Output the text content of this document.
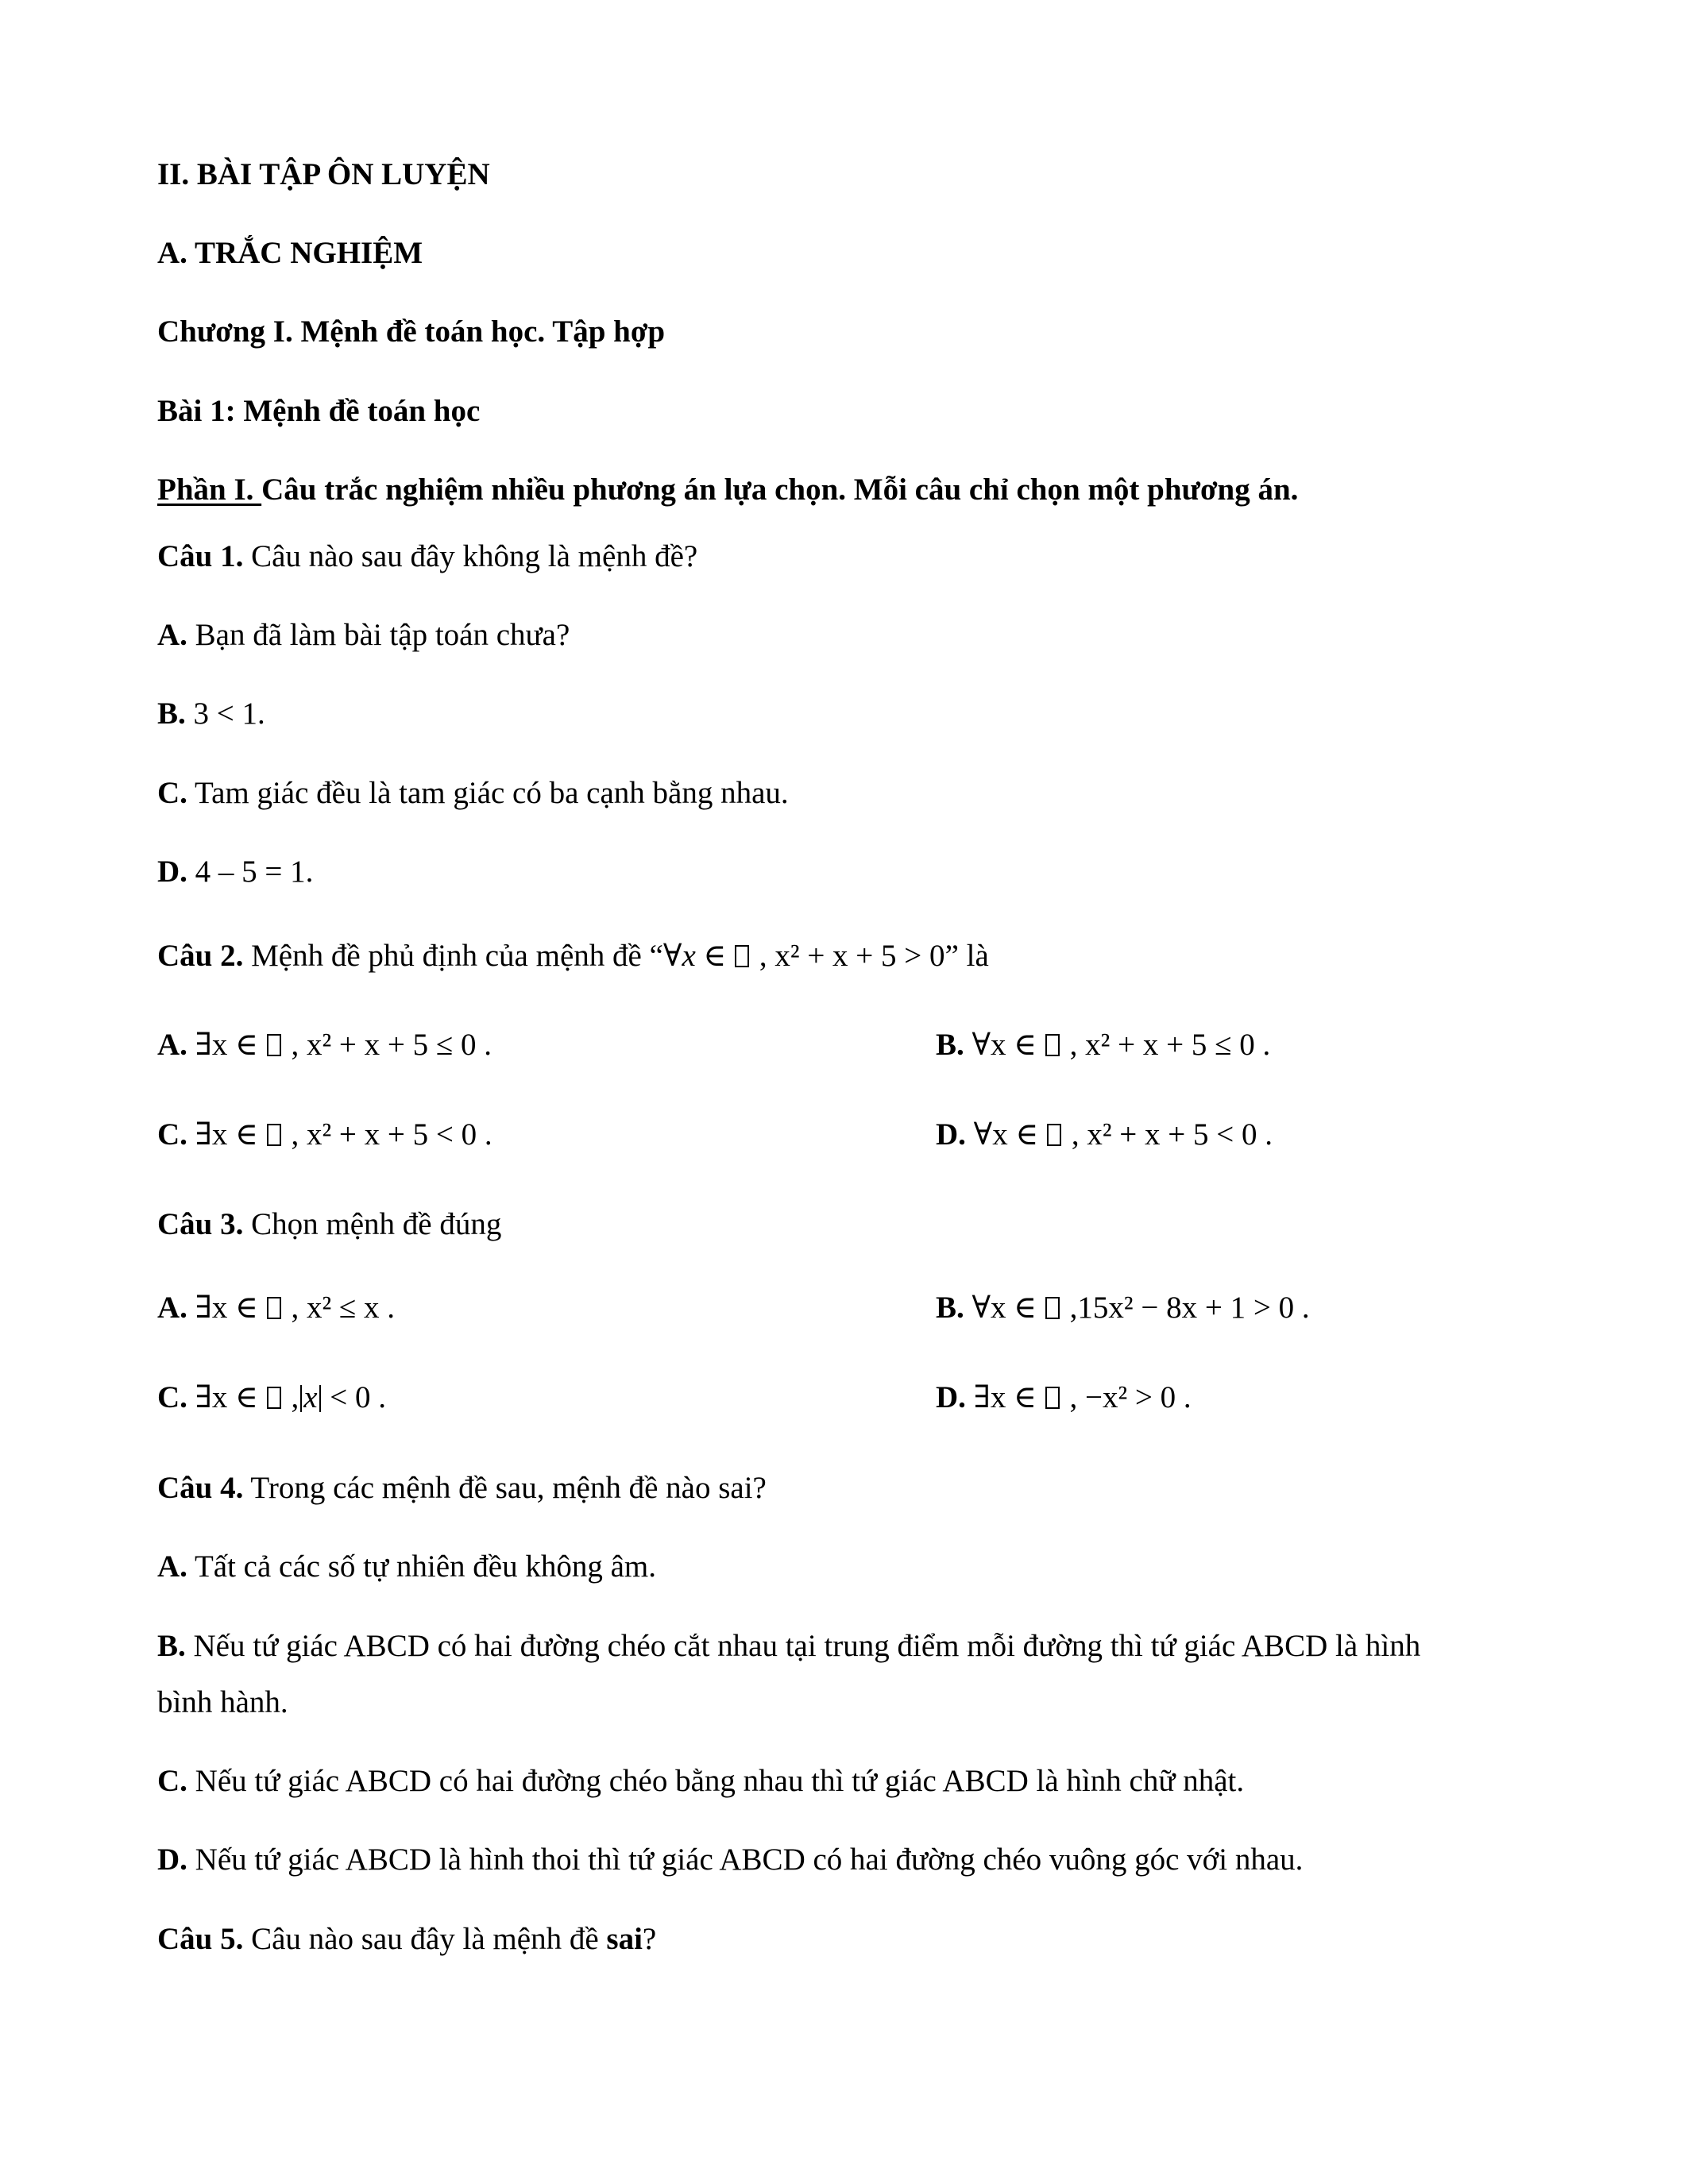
II. BÀI TẬP ÔN LUYỆN
A. TRẮC NGHIỆM
Chương I. Mệnh đề toán học. Tập hợp
Bài 1: Mệnh đề toán học
Phần I. Câu trắc nghiệm nhiều phương án lựa chọn. Mỗi câu chỉ chọn một phương án.
Câu 1. Câu nào sau đây không là mệnh đề?
A. Bạn đã làm bài tập toán chưa?
B. 3 < 1.
C. Tam giác đều là tam giác có ba cạnh bằng nhau.
D. 4 – 5 = 1.
Câu 2. Mệnh đề phủ định của mệnh đề “∀x ∈  , x² + x + 5 > 0” là
A. ∃x ∈  , x² + x + 5 ≤ 0 .	B. ∀x ∈  , x² + x + 5 ≤ 0 .
C. ∃x ∈  , x² + x + 5 < 0 .	D. ∀x ∈  , x² + x + 5 < 0 .
Câu 3. Chọn mệnh đề đúng
A. ∃x ∈  , x² ≤ x .	B. ∀x ∈  ,15x² − 8x + 1 > 0 .
C. ∃x ∈  , x < 0 .	D. ∃x ∈  , −x² > 0 .
Câu 4. Trong các mệnh đề sau, mệnh đề nào sai?
A. Tất cả các số tự nhiên đều không âm.
B. Nếu tứ giác ABCD có hai đường chéo cắt nhau tại trung điểm mỗi đường thì tứ giác ABCD là hình
bình hành.
C. Nếu tứ giác ABCD có hai đường chéo bằng nhau thì tứ giác ABCD là hình chữ nhật.
D. Nếu tứ giác ABCD là hình thoi thì tứ giác ABCD có hai đường chéo vuông góc với nhau.
Câu 5. Câu nào sau đây là mệnh đề sai?
